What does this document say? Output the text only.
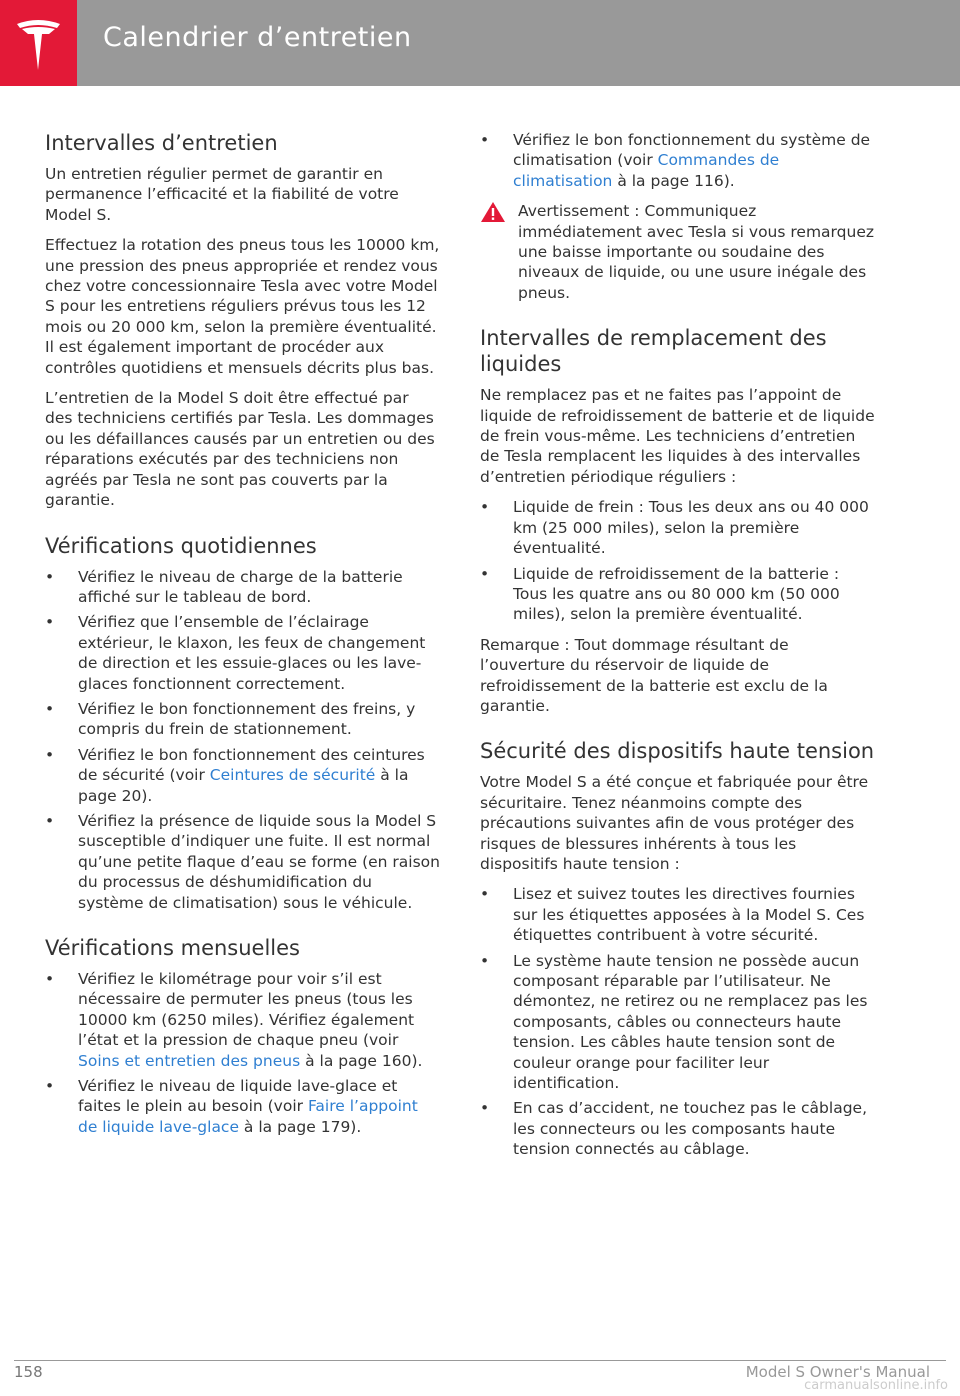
Calendrier d’entretien
Intervalles d’entretien

Un entretien régulier permet de garantir en permanence l’efficacité et la fiabilité de votre Model S.

Effectuez la rotation des pneus tous les 10000 km, une pression des pneus appropriée et rendez vous chez votre concessionnaire Tesla avec votre Model S pour les entretiens réguliers prévus tous les 12 mois ou 20 000 km, selon la première éventualité. Il est également important de procéder aux contrôles quotidiens et mensuels décrits plus bas.

L’entretien de la Model S doit être effectué par des techniciens certifiés par Tesla. Les dommages ou les défaillances causés par un entretien ou des réparations exécutés par des techniciens non agréés par Tesla ne sont pas couverts par la garantie.

Vérifications quotidiennes
• Vérifiez le niveau de charge de la batterie affiché sur le tableau de bord.
• Vérifiez que l’ensemble de l’éclairage extérieur, le klaxon, les feux de changement de direction et les essuie-glaces ou les lave-glaces fonctionnent correctement.
• Vérifiez le bon fonctionnement des freins, y compris du frein de stationnement.
• Vérifiez le bon fonctionnement des ceintures de sécurité (voir Ceintures de sécurité à la page 20).
• Vérifiez la présence de liquide sous la Model S susceptible d’indiquer une fuite. Il est normal qu’une petite flaque d’eau se forme (en raison du processus de déshumidification du système de climatisation) sous le véhicule.
Vérifications mensuelles
• Vérifiez le kilométrage pour voir s’il est nécessaire de permuter les pneus (tous les 10000 km (6250 miles). Vérifiez également l’état et la pression de chaque pneu (voir Soins et entretien des pneus à la page 160).
• Vérifiez le niveau de liquide lave-glace et faites le plein au besoin (voir Faire l’appoint de liquide lave-glace à la page 179).
• Vérifiez le bon fonctionnement du système de climatisation (voir Commandes de climatisation à la page 116).
Avertissement : Communiquez immédiatement avec Tesla si vous remarquez une baisse importante ou soudaine des niveaux de liquide, ou une usure inégale des pneus.
Intervalles de remplacement des liquides

Ne remplacez pas et ne faites pas l’appoint de liquide de refroidissement de batterie et de liquide de frein vous-même. Les techniciens d’entretien de Tesla remplacent les liquides à des intervalles d’entretien périodique réguliers :

• Liquide de frein : Tous les deux ans ou 40 000 km (25 000 miles), selon la première éventualité.
• Liquide de refroidissement de la batterie : Tous les quatre ans ou 80 000 km (50 000 miles), selon la première éventualité.

Remarque : Tout dommage résultant de l’ouverture du réservoir de liquide de refroidissement de la batterie est exclu de la garantie.

Sécurité des dispositifs haute tension

Votre Model S a été conçue et fabriquée pour être sécuritaire. Tenez néanmoins compte des précautions suivantes afin de vous protéger des risques de blessures inhérents à tous les dispositifs haute tension :

• Lisez et suivez toutes les directives fournies sur les étiquettes apposées à la Model S. Ces étiquettes contribuent à votre sécurité.
• Le système haute tension ne possède aucun composant réparable par l’utilisateur. Ne démontez, ne retirez ou ne remplacez pas les composants, câbles ou connecteurs haute tension. Les câbles haute tension sont de couleur orange pour faciliter leur identification.
• En cas d’accident, ne touchez pas le câblage, les connecteurs ou les composants haute tension connectés au câblage.
158	Model S Owner's Manual
carmanualsonline.info
